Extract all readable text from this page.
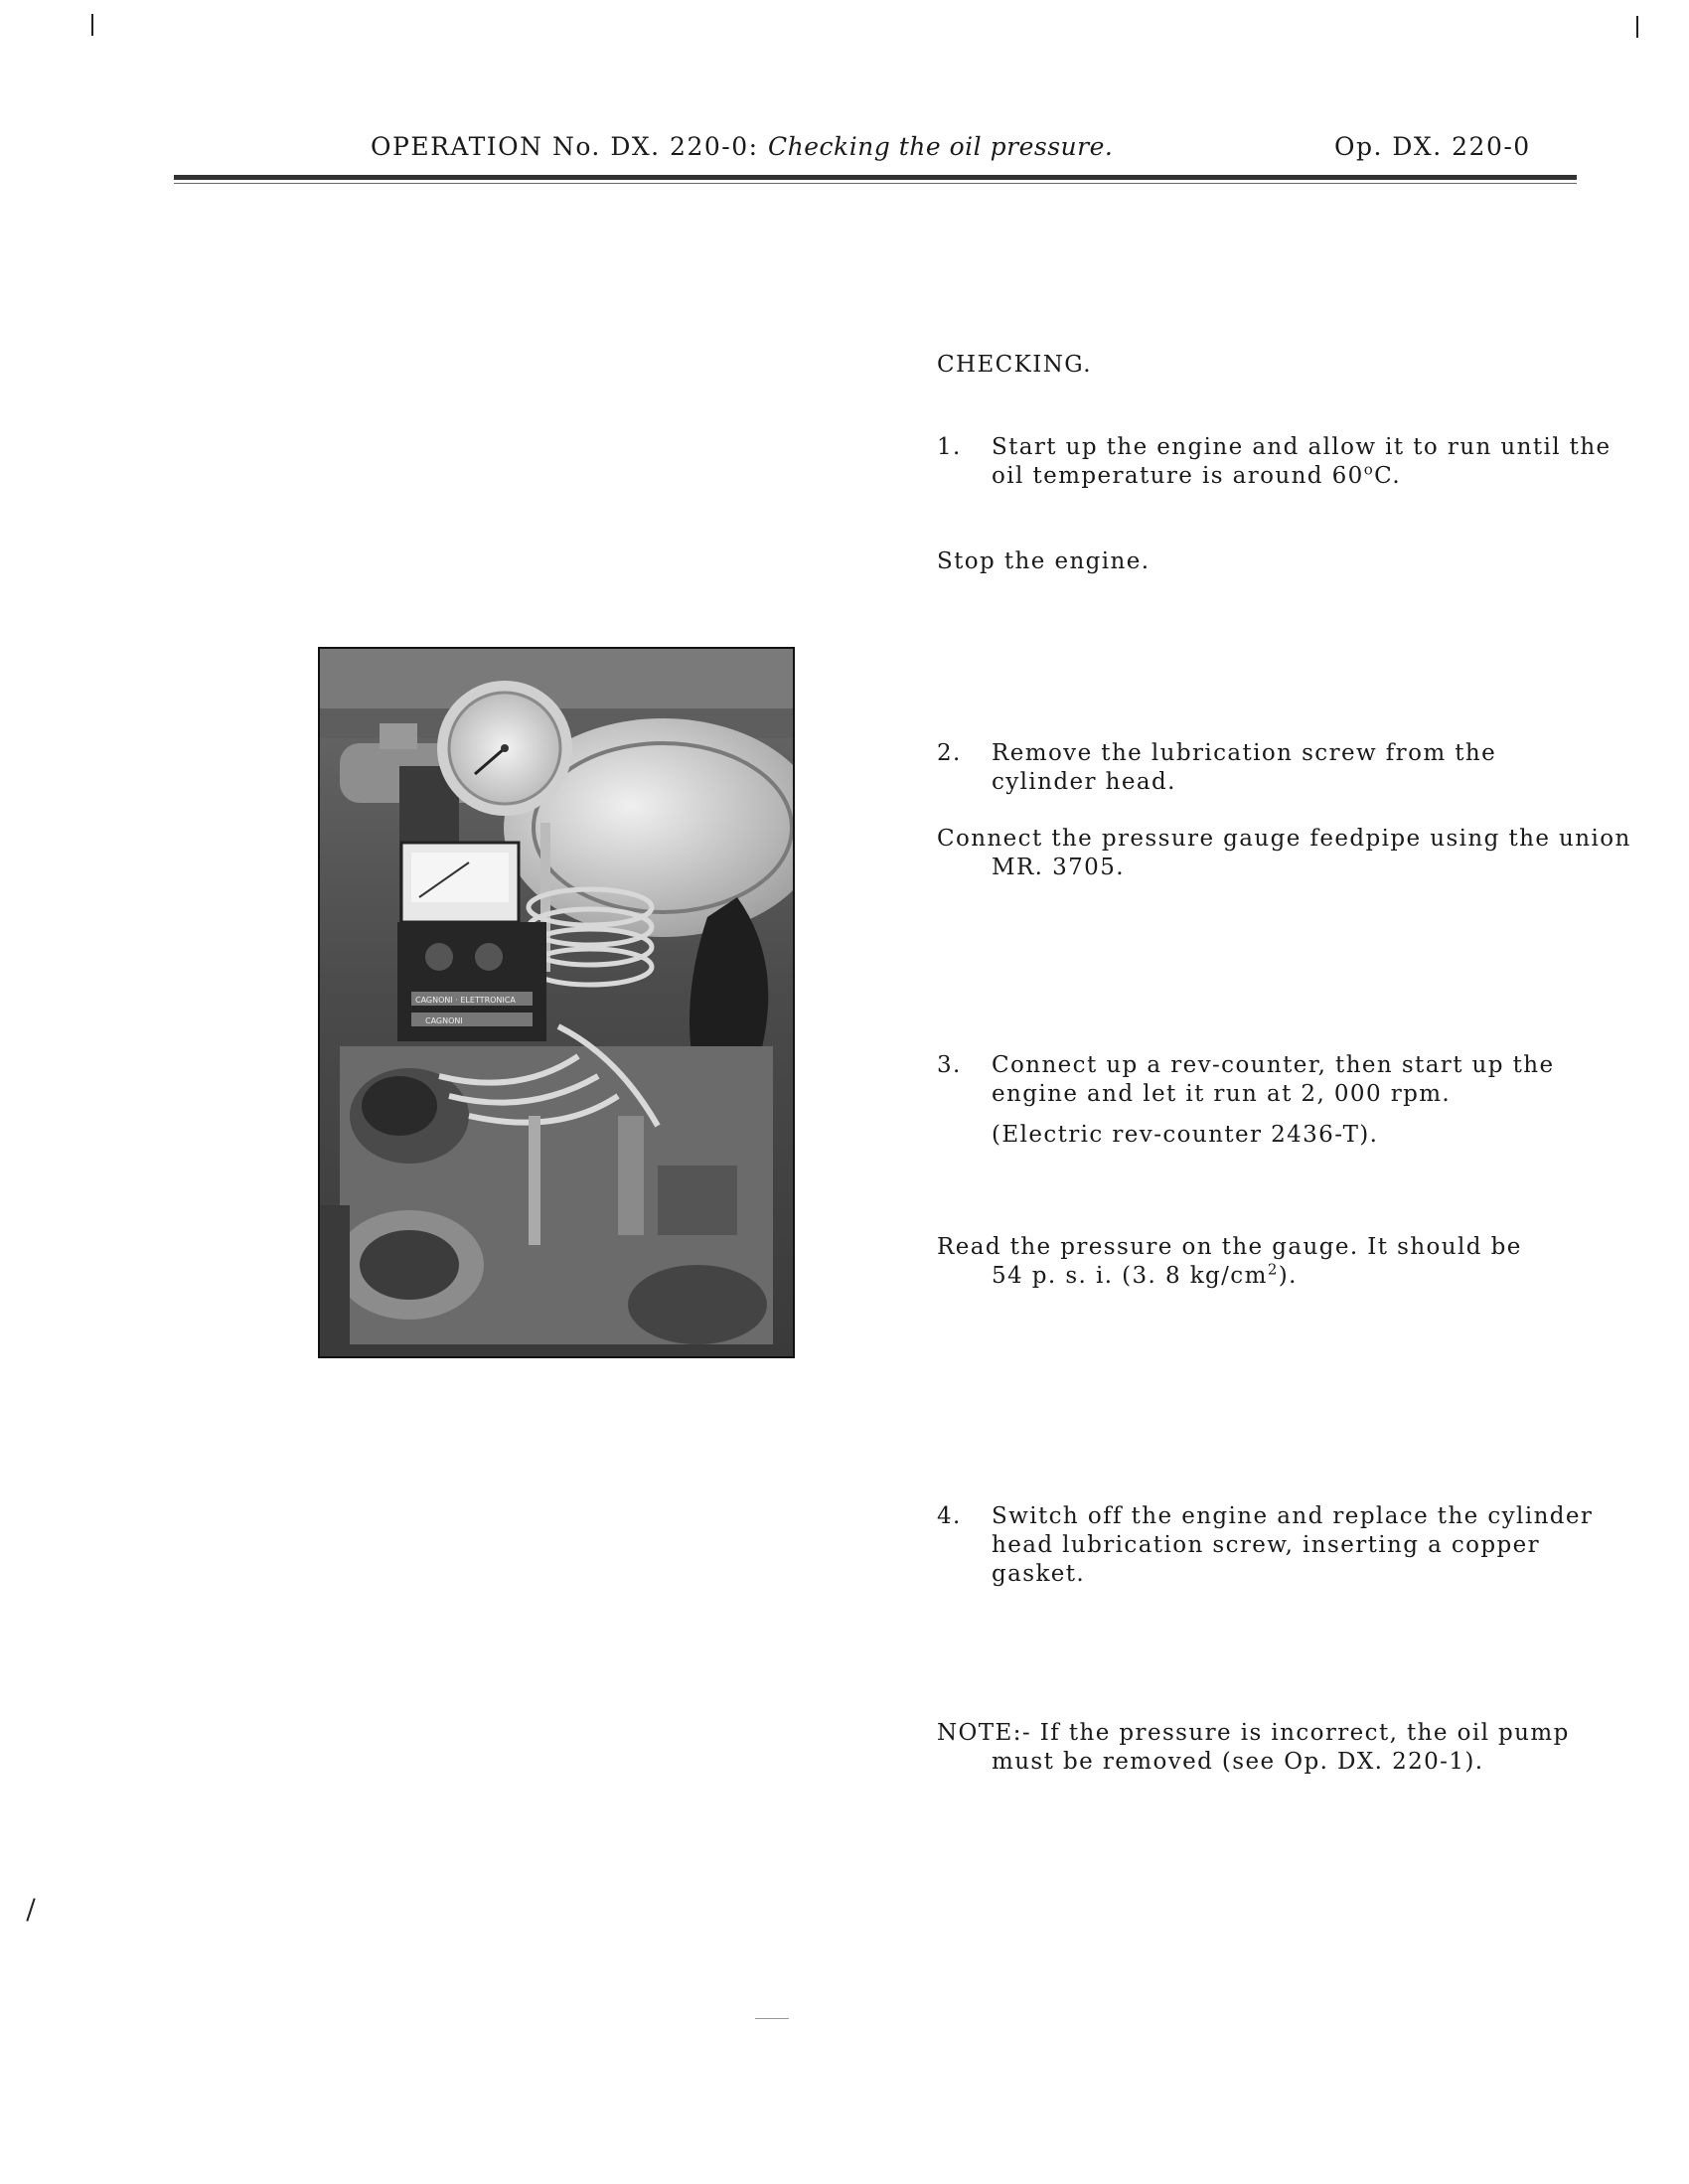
OPERATION No. DX. 220-0: Checking the oil pressure.	Op. DX. 220-0
CHECKING.
1. Start up the engine and allow it to run until the
oil temperature is around 60$^o$C.
Stop the engine.
2. Remove the lubrication screw from the
cylinder head.
Connect the pressure gauge feedpipe using the union
MR. 3705.
3. Connect up a rev-counter, then start up the
engine and let it run at 2, 000 rpm.
(Electric rev-counter 2436-T).
Read the pressure on the gauge. It should be
54 p. s. i. (3. 8 $kg/cm^2$).
4. Switch off the engine and replace the cylinder
head lubrication screw, inserting a copper
gasket.
NOTE:- If the pressure is incorrect, the oil pump
must be removed (see Op. DX. 220-1).
CAGNONI · ELETTRONICA
CAGNONI
